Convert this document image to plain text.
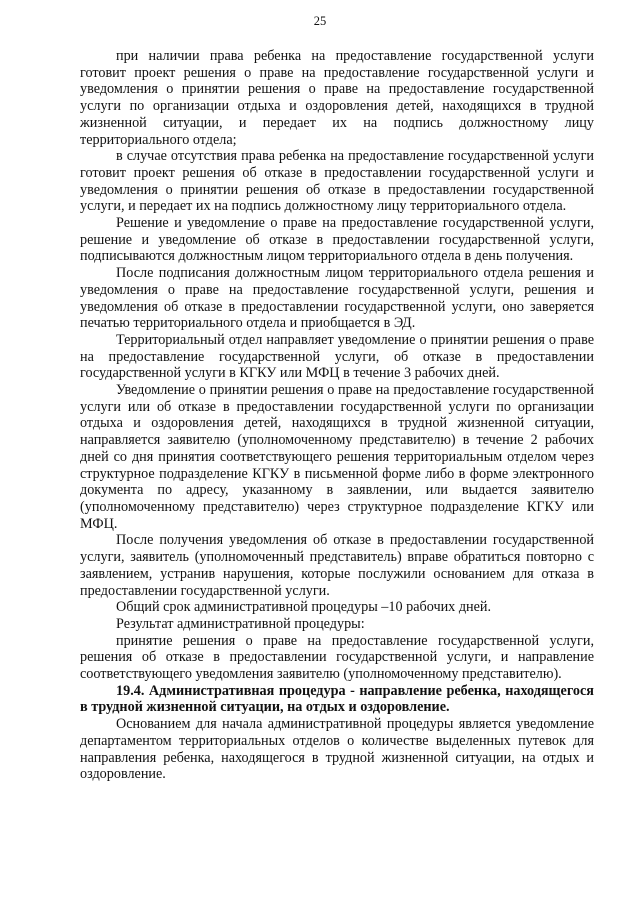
25

при наличии права ребенка на предоставление государственной услуги готовит проект решения о праве на предоставление государственной услуги и уведомления о принятии решения о праве на предоставление государственной услуги по организации отдыха и оздоровления детей, находящихся в трудной жизненной ситуации, и передает их на подпись должностному лицу территориального отдела;

в случае отсутствия права ребенка на предоставление государственной услуги готовит проект решения об отказе в предоставлении государственной услуги и уведомления о принятии решения об отказе в предоставлении государственной услуги, и передает их на подпись должностному лицу территориального отдела.

Решение и уведомление о праве на предоставление государственной услуги, решение и уведомление об отказе в предоставлении государственной услуги, подписываются должностным лицом территориального отдела в день получения.

После подписания должностным лицом территориального отдела решения и уведомления о праве на предоставление государственной услуги, решения и уведомления об отказе в предоставлении государственной услуги, оно заверяется печатью территориального отдела и приобщается в ЭД.

Территориальный отдел направляет уведомление о принятии решения о праве на предоставление государственной услуги, об отказе в предоставлении государственной услуги в КГКУ или МФЦ в течение 3 рабочих дней.

Уведомление о принятии решения о праве на предоставление государственной услуги или об отказе в предоставлении государственной услуги по организации отдыха и оздоровления детей, находящихся в трудной жизненной ситуации, направляется заявителю (уполномоченному представителю) в течение 2 рабочих дней со дня принятия соответствующего решения территориальным отделом через структурное подразделение КГКУ в письменной форме либо в форме электронного документа по адресу, указанному в заявлении, или выдается заявителю (уполномоченному представителю) через структурное подразделение КГКУ или МФЦ.

После получения уведомления об отказе в предоставлении государственной услуги, заявитель (уполномоченный представитель) вправе обратиться повторно с заявлением, устранив нарушения, которые послужили основанием для отказа в предоставлении государственной услуги.

Общий срок административной процедуры –10 рабочих дней.

Результат административной процедуры:

принятие решения о праве на предоставление государственной услуги, решения об отказе в предоставлении государственной услуги, и направление соответствующего уведомления заявителю (уполномоченному представителю).

19.4. Административная процедура - направление ребенка, находящегося в трудной жизненной ситуации, на отдых и оздоровление.

Основанием для начала административной процедуры является уведомление департаментом территориальных отделов о количестве выделенных путевок для направления ребенка, находящегося в трудной жизненной ситуации, на отдых и оздоровление.
